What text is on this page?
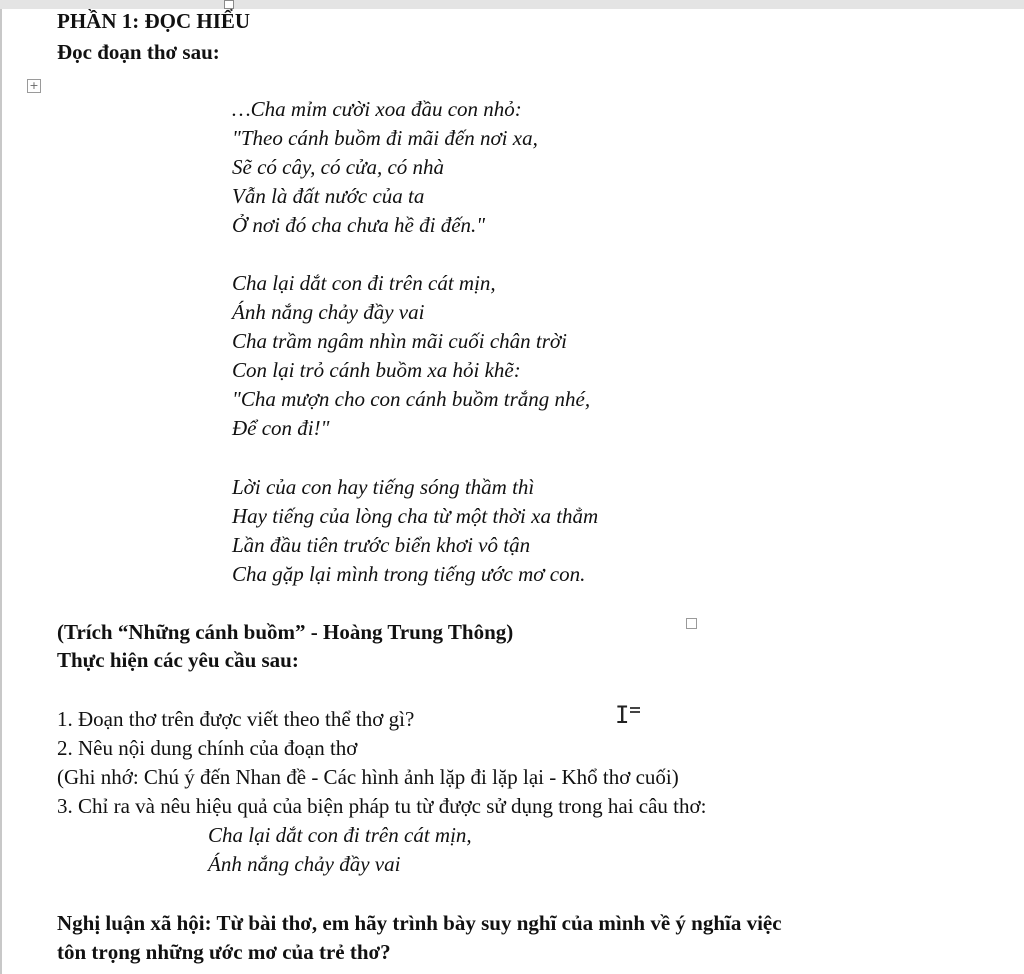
+
I
PHẦN 1: ĐỌC HIỂU
Đọc đoạn thơ sau:
…Cha mỉm cười xoa đầu con nhỏ:
"Theo cánh buồm đi mãi đến nơi xa,
Sẽ có cây, có cửa, có nhà
Vẫn là đất nước của ta
Ở nơi đó cha chưa hề đi đến."
Cha lại dắt con đi trên cát mịn,
Ánh nắng chảy đầy vai
Cha trầm ngâm nhìn mãi cuối chân trời
Con lại trỏ cánh buồm xa hỏi khẽ:
"Cha mượn cho con cánh buồm trắng nhé,
Để con đi!"
Lời của con hay tiếng sóng thầm thì
Hay tiếng của lòng cha từ một thời xa thẳm
Lần đầu tiên trước biển khơi vô tận
Cha gặp lại mình trong tiếng ước mơ con.
(Trích “Những cánh buồm” - Hoàng Trung Thông)
Thực hiện các yêu cầu sau:
1. Đoạn thơ trên được viết theo thể thơ gì?
2. Nêu nội dung chính của đoạn thơ
(Ghi nhớ: Chú ý đến Nhan đề - Các hình ảnh lặp đi lặp lại - Khổ thơ cuối)
3. Chỉ ra và nêu hiệu quả của biện pháp tu từ được sử dụng trong hai câu thơ:
Cha lại dắt con đi trên cát mịn,
Ánh nắng chảy đầy vai
Nghị luận xã hội: Từ bài thơ, em hãy trình bày suy nghĩ của mình về ý nghĩa việc
tôn trọng những ước mơ của trẻ thơ?
